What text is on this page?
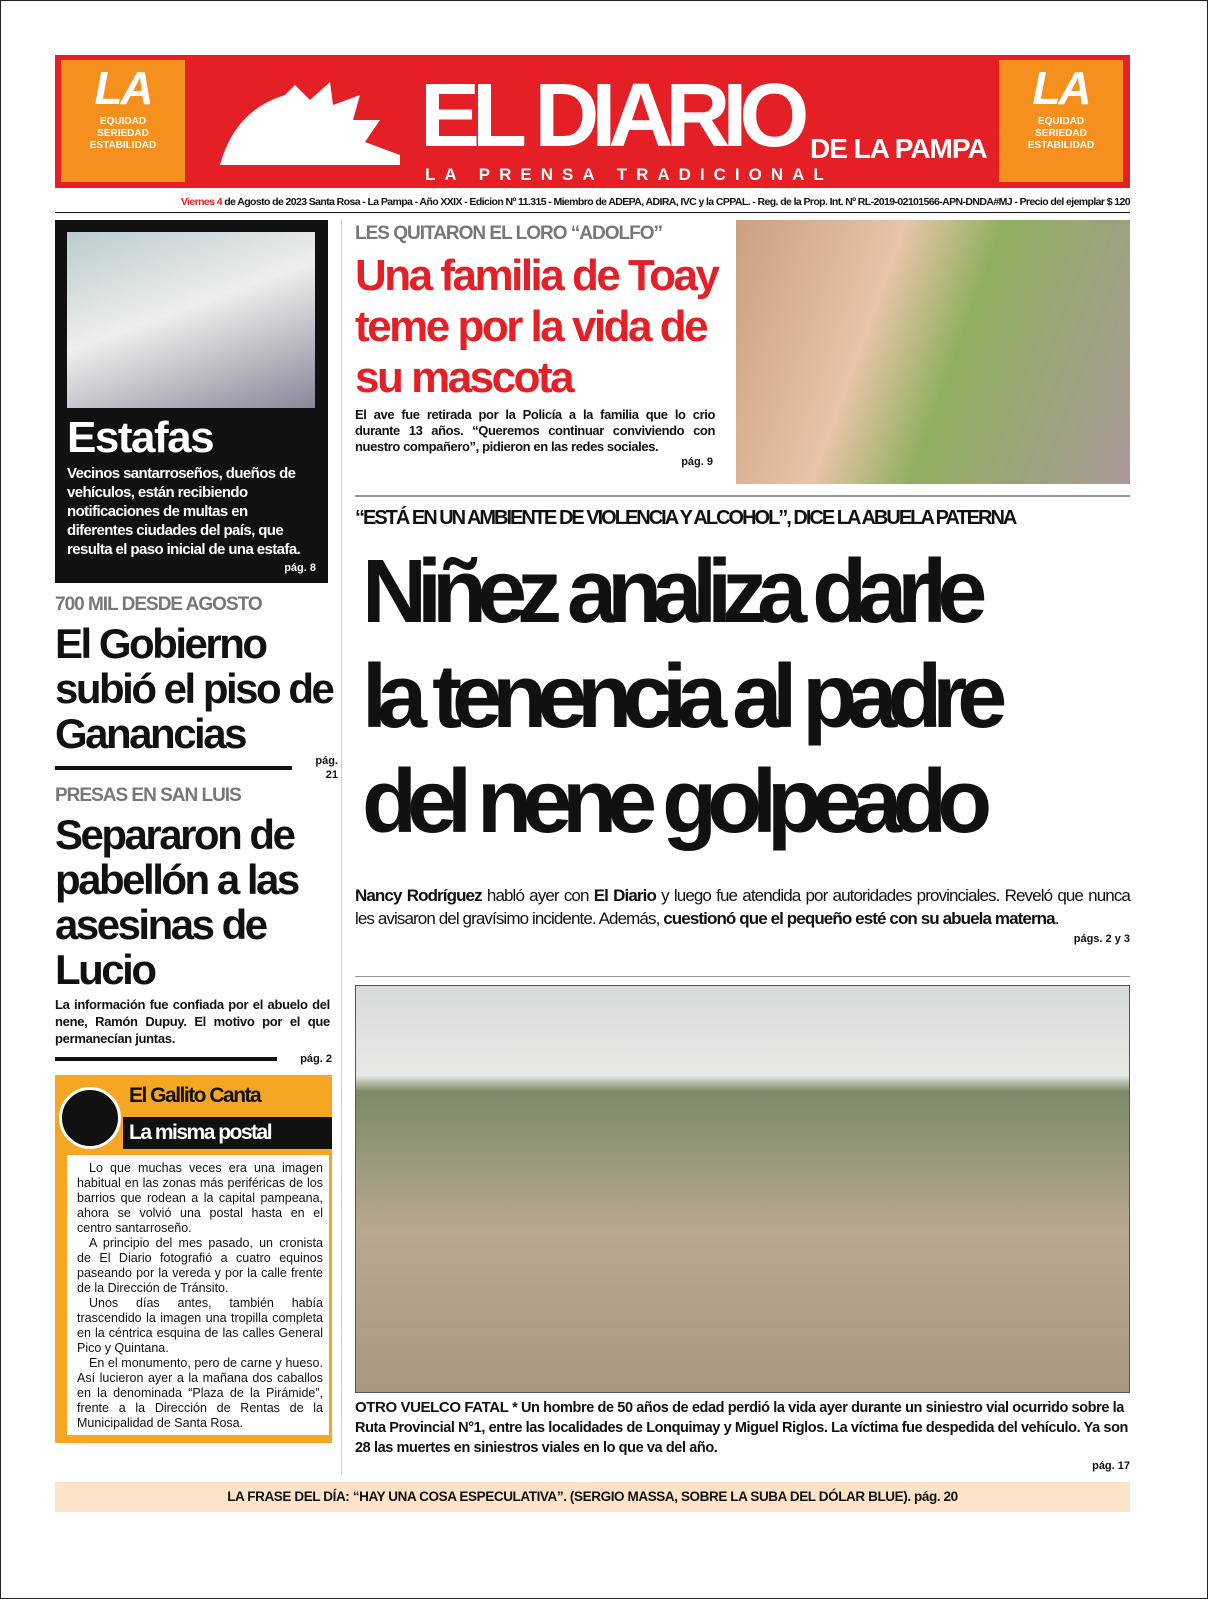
LA
EQUIDAD
SERIEDAD
ESTABILIDAD	EL DIARIO DE LA PAMPA
LA PRENSA TRADICIONAL
LA
EQUIDAD
SERIEDAD
ESTABILIDAD
Viernes 4 de Agosto de 2023 Santa Rosa - La Pampa - Año XXIX - Edicion Nº 11.315 - Miembro de ADEPA, ADIRA, IVC y la CPPAL. - Reg. de la Prop. Int. Nº RL-2019-02101566-APN-DNDA#MJ - Precio del ejemplar $ 120
Estafas
Vecinos santarroseños, dueños de vehículos, están recibiendo notificaciones de multas en diferentes ciudades del país, que resulta el paso inicial de una estafa.
pág. 8
700 MIL DESDE AGOSTO
El Gobierno subió el piso de Ganancias
pág. 21
PRESAS EN SAN LUIS
Separaron de pabellón a las asesinas de Lucio
La información fue confiada por el abuelo del nene, Ramón Dupuy. El motivo por el que permanecían juntas.
pág. 2
El Gallito Canta
La misma postal

Lo que muchas veces era una imagen habitual en las zonas más periféricas de los barrios que rodean a la capital pampeana, ahora se volvió una postal hasta en el centro santarroseño.

A principio del mes pasado, un cronista de El Diario fotografió a cuatro equinos paseando por la vereda y por la calle frente de la Dirección de Tránsito.

Unos días antes, también había trascendido la imagen una tropilla completa en la céntrica esquina de las calles General Pico y Quintana.

En el monumento, pero de carne y hueso. Así lucieron ayer a la mañana dos caballos en la denominada “Plaza de la Pirámide”, frente a la Dirección de Rentas de la Municipalidad de Santa Rosa.

LES QUITARON EL LORO “ADOLFO”
Una familia de Toay teme por la vida de su mascota
El ave fue retirada por la Policía a la familia que lo crio durante 13 años. “Queremos continuar conviviendo con nuestro compañero”, pidieron en las redes sociales.
pág. 9
“ESTÁ EN UN AMBIENTE DE VIOLENCIA Y ALCOHOL”, DICE LA ABUELA PATERNA
Niñez analiza darle
la tenencia al padre
del nene golpeado
Nancy Rodríguez habló ayer con El Diario y luego fue atendida por autoridades provinciales. Reveló que nunca les avisaron del gravísimo incidente. Además, cuestionó que el pequeño esté con su abuela materna.
págs. 2 y 3
OTRO VUELCO FATAL * Un hombre de 50 años de edad perdió la vida ayer durante un siniestro vial ocurrido sobre la Ruta Provincial N°1, entre las localidades de Lonquimay y Miguel Riglos. La víctima fue despedida del vehículo. Ya son 28 las muertes en siniestros viales en lo que va del año.
pág. 17
LA FRASE DEL DÍA: “HAY UNA COSA ESPECULATIVA”. (SERGIO MASSA, SOBRE LA SUBA DEL DÓLAR BLUE). pág. 20
